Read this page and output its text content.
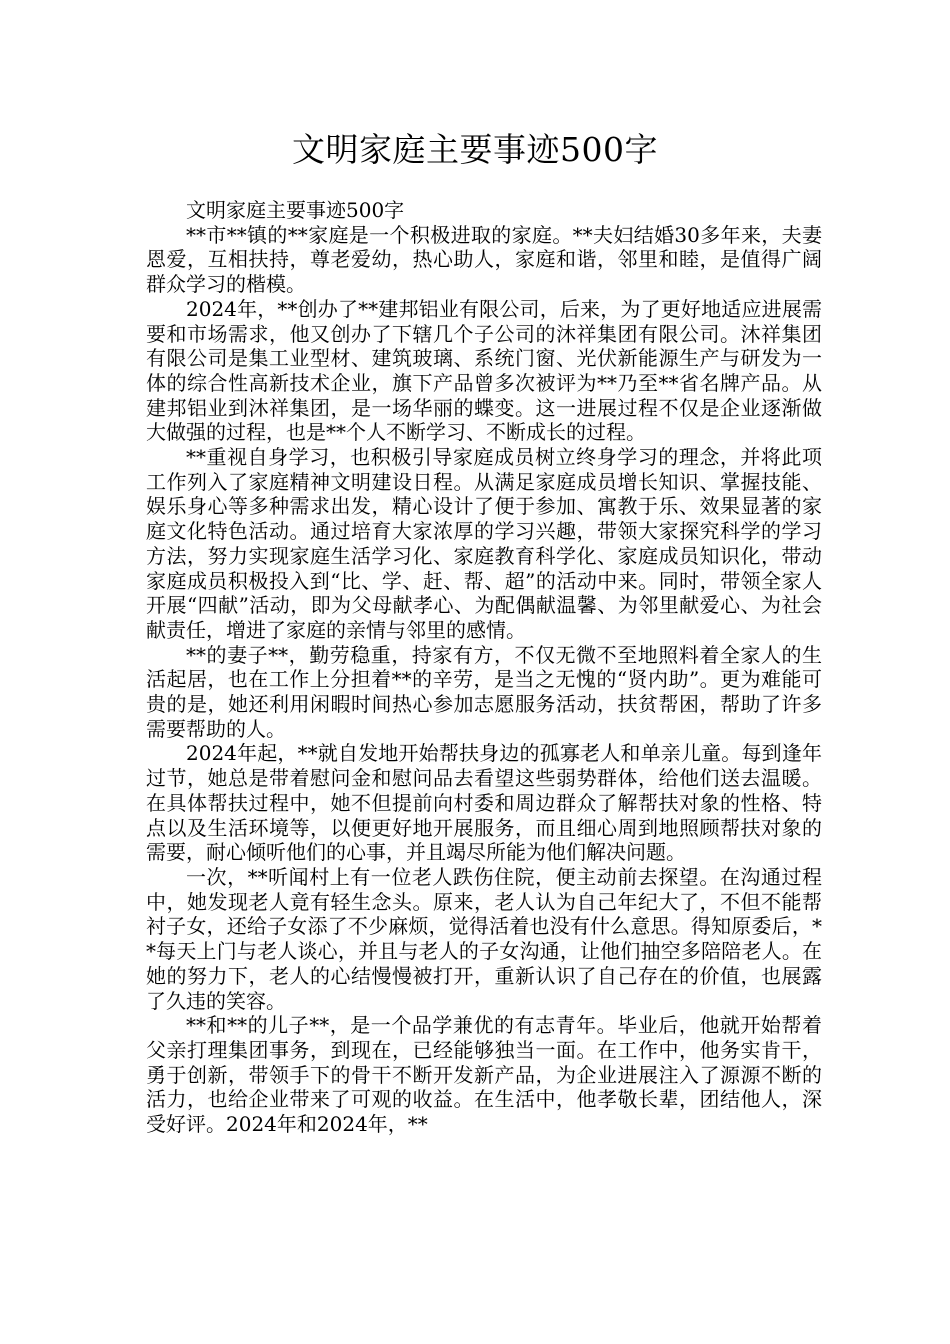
文明家庭主要事迹500字

文明家庭主要事迹500字

**市**镇的**家庭是一个积极进取的家庭。**夫妇结婚30多年来，夫妻恩爱，互相扶持，尊老爱幼，热心助人，家庭和谐，邻里和睦，是值得广阔群众学习的楷模。

2024年，**创办了**建邦铝业有限公司，后来，为了更好地适应进展需要和市场需求，他又创办了下辖几个子公司的沐祥集团有限公司。沐祥集团有限公司是集工业型材、建筑玻璃、系统门窗、光伏新能源生产与研发为一体的综合性高新技术企业，旗下产品曾多次被评为**乃至**省名牌产品。从建邦铝业到沐祥集团，是一场华丽的蝶变。这一进展过程不仅是企业逐渐做大做强的过程，也是**个人不断学习、不断成长的过程。

**重视自身学习，也积极引导家庭成员树立终身学习的理念，并将此项工作列入了家庭精神文明建设日程。从满足家庭成员增长知识、掌握技能、娱乐身心等多种需求出发，精心设计了便于参加、寓教于乐、效果显著的家庭文化特色活动。通过培育大家浓厚的学习兴趣，带领大家探究科学的学习方法，努力实现家庭生活学习化、家庭教育科学化、家庭成员知识化，带动家庭成员积极投入到“比、学、赶、帮、超”的活动中来。同时，带领全家人开展“四献”活动，即为父母献孝心、为配偶献温馨、为邻里献爱心、为社会献责任，增进了家庭的亲情与邻里的感情。

**的妻子**，勤劳稳重，持家有方，不仅无微不至地照料着全家人的生活起居，也在工作上分担着**的辛劳，是当之无愧的“贤内助”。更为难能可贵的是，她还利用闲暇时间热心参加志愿服务活动，扶贫帮困，帮助了许多需要帮助的人。

2024年起，**就自发地开始帮扶身边的孤寡老人和单亲儿童。每到逢年过节，她总是带着慰问金和慰问品去看望这些弱势群体，给他们送去温暖。在具体帮扶过程中，她不但提前向村委和周边群众了解帮扶对象的性格、特点以及生活环境等，以便更好地开展服务，而且细心周到地照顾帮扶对象的需要，耐心倾听他们的心事，并且竭尽所能为他们解决问题。

一次，**听闻村上有一位老人跌伤住院，便主动前去探望。在沟通过程中，她发现老人竟有轻生念头。原来，老人认为自己年纪大了，不但不能帮衬子女，还给子女添了不少麻烦，觉得活着也没有什么意思。得知原委后，**每天上门与老人谈心，并且与老人的子女沟通，让他们抽空多陪陪老人。在她的努力下，老人的心结慢慢被打开，重新认识了自己存在的价值，也展露了久违的笑容。

**和**的儿子**，是一个品学兼优的有志青年。毕业后，他就开始帮着父亲打理集团事务，到现在，已经能够独当一面。在工作中，他务实肯干，勇于创新，带领手下的骨干不断开发新产品，为企业进展注入了源源不断的活力，也给企业带来了可观的收益。在生活中，他孝敬长辈，团结他人，深受好评。2024年和2024年，**
